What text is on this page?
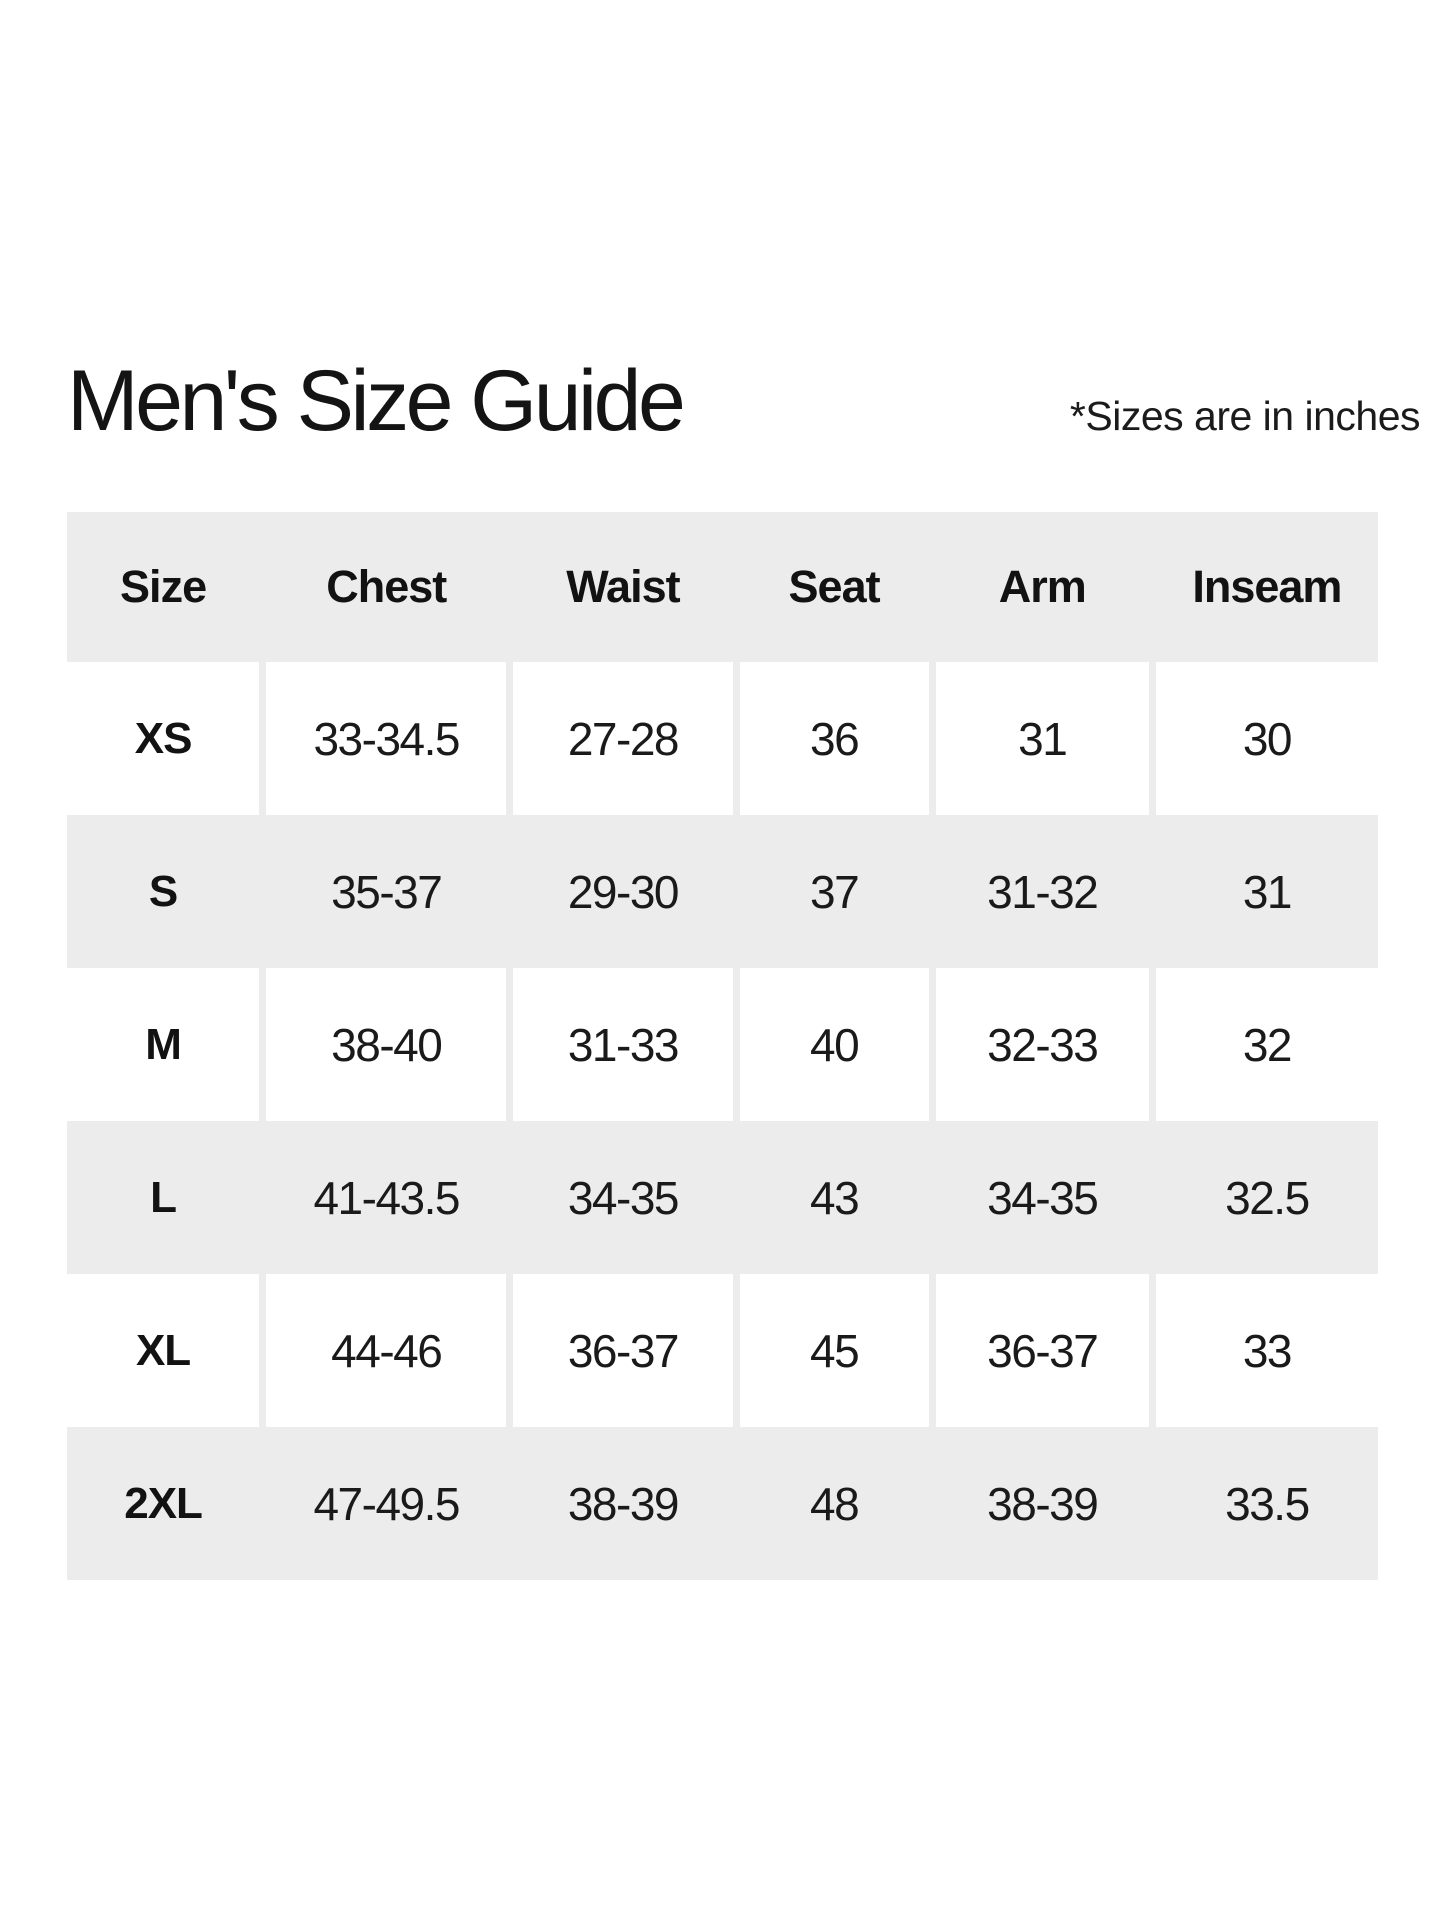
Men's Size Guide	*Sizes are in inches
Size	Chest	Waist	Seat	Arm	Inseam
XS	33-34.5	27-28	36	31	30
S	35-37	29-30	37	31-32	31
M	38-40	31-33	40	32-33	32
L	41-43.5	34-35	43	34-35	32.5
XL	44-46	36-37	45	36-37	33
2XL	47-49.5	38-39	48	38-39	33.5
